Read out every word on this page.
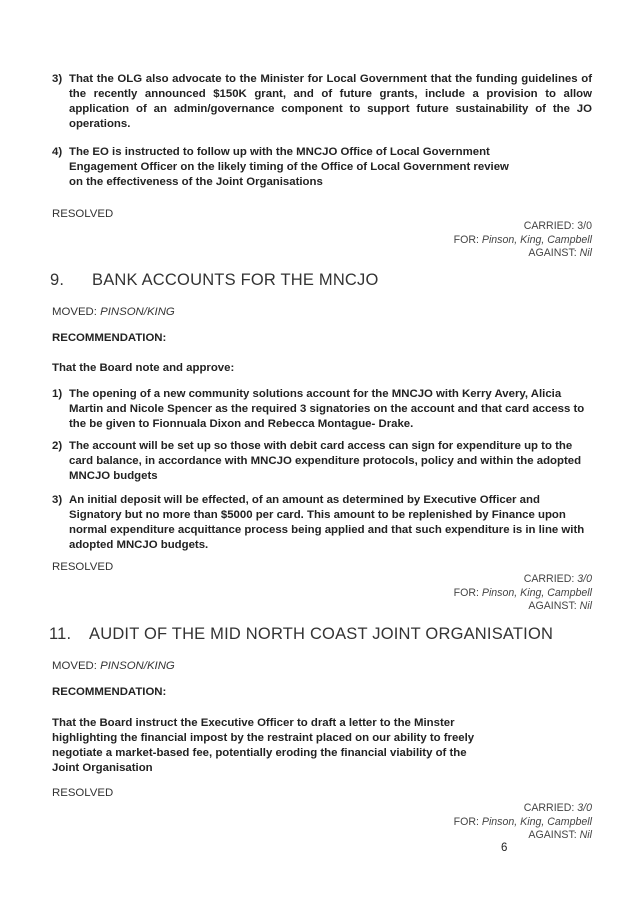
3) That the OLG also advocate to the Minister for Local Government that the funding guidelines of the recently announced $150K grant, and of future grants, include a provision to allow application of an admin/governance component to support future sustainability of the JO operations.
4) The EO is instructed to follow up with the MNCJO Office of Local Government Engagement Officer on the likely timing of the Office of Local Government review on the effectiveness of the Joint Organisations
RESOLVED
CARRIED: 3/0
FOR: Pinson, King, Campbell
AGAINST: Nil
9. BANK ACCOUNTS FOR THE MNCJO
MOVED: PINSON/KING
RECOMMENDATION:
That the Board note and approve:
1) The opening of a new community solutions account for the MNCJO with Kerry Avery, Alicia Martin and Nicole Spencer as the required 3 signatories on the account and that card access to the be given to Fionnuala Dixon and Rebecca Montague- Drake.
2) The account will be set up so those with debit card access can sign for expenditure up to the card balance, in accordance with MNCJO expenditure protocols, policy and within the adopted MNCJO budgets
3) An initial deposit will be effected, of an amount as determined by Executive Officer and Signatory but no more than $5000 per card. This amount to be replenished by Finance upon normal expenditure acquittance process being applied and that such expenditure is in line with adopted MNCJO budgets.
RESOLVED
CARRIED: 3/0
FOR: Pinson, King, Campbell
AGAINST: Nil
11. AUDIT OF THE MID NORTH COAST JOINT ORGANISATION
MOVED: PINSON/KING
RECOMMENDATION:
That the Board instruct the Executive Officer to draft a letter to the Minster highlighting the financial impost by the restraint placed on our ability to freely negotiate a market-based fee, potentially eroding the financial viability of the Joint Organisation
RESOLVED
CARRIED: 3/0
FOR: Pinson, King, Campbell
AGAINST: Nil
6
